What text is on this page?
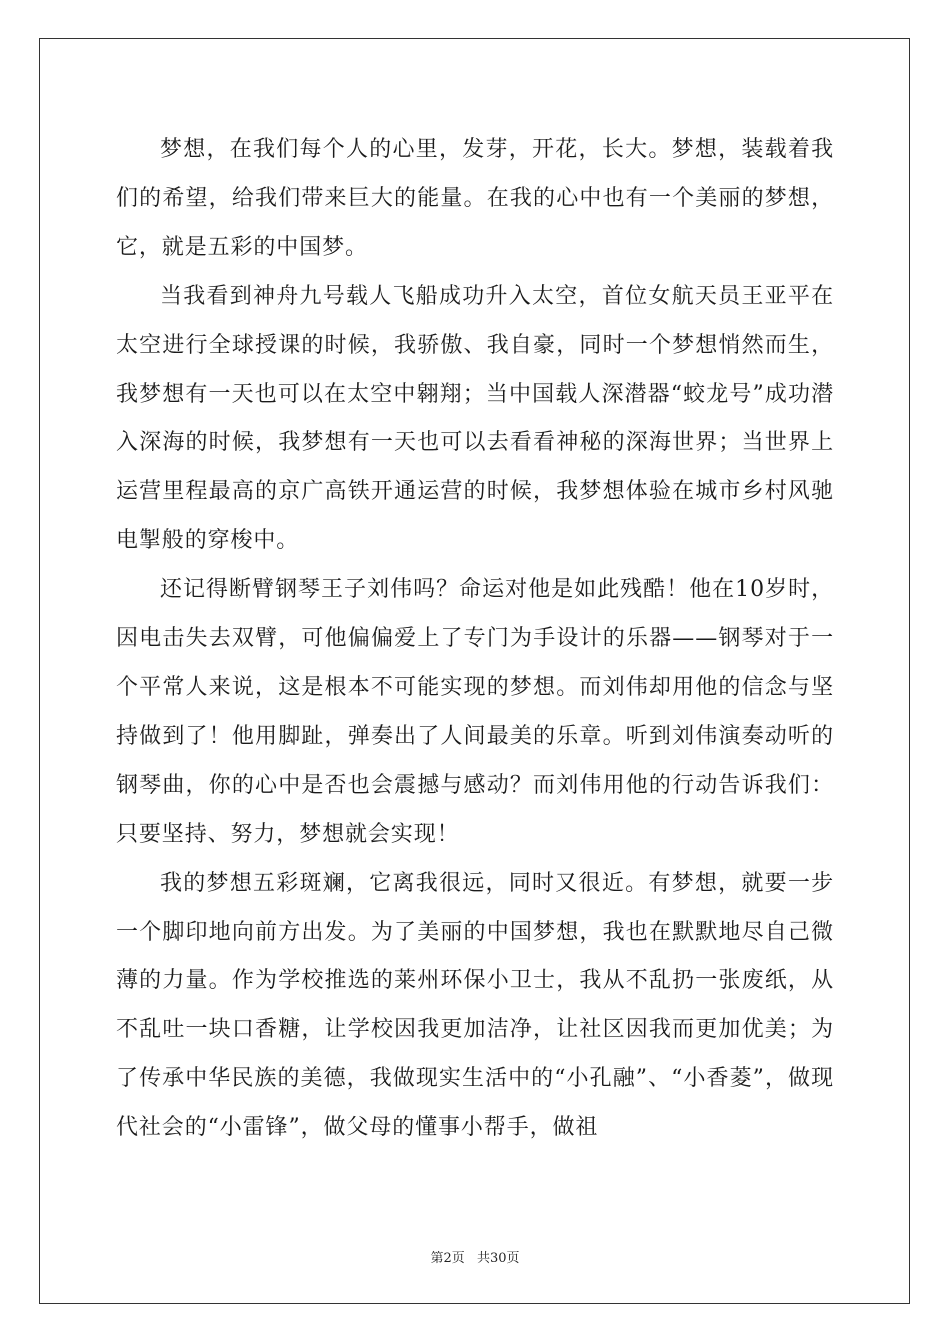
梦想，在我们每个人的心里，发芽，开花，长大。梦想，装载着我们的希望，给我们带来巨大的能量。在我的心中也有一个美丽的梦想，它，就是五彩的中国梦。

当我看到神舟九号载人飞船成功升入太空，首位女航天员王亚平在太空进行全球授课的时候，我骄傲、我自豪，同时一个梦想悄然而生，我梦想有一天也可以在太空中翱翔；当中国载人深潜器“蛟龙号”成功潜入深海的时候，我梦想有一天也可以去看看神秘的深海世界；当世界上运营里程最高的京广高铁开通运营的时候，我梦想体验在城市乡村风驰电掣般的穿梭中。

还记得断臂钢琴王子刘伟吗？命运对他是如此残酷！他在10岁时，因电击失去双臂，可他偏偏爱上了专门为手设计的乐器——钢琴对于一个平常人来说，这是根本不可能实现的梦想。而刘伟却用他的信念与坚持做到了！他用脚趾，弹奏出了人间最美的乐章。听到刘伟演奏动听的钢琴曲，你的心中是否也会震撼与感动？而刘伟用他的行动告诉我们：只要坚持、努力，梦想就会实现！

我的梦想五彩斑斓，它离我很远，同时又很近。有梦想，就要一步一个脚印地向前方出发。为了美丽的中国梦想，我也在默默地尽自己微薄的力量。作为学校推选的莱州环保小卫士，我从不乱扔一张废纸，从不乱吐一块口香糖，让学校因我更加洁净，让社区因我而更加优美；为了传承中华民族的美德，我做现实生活中的“小孔融”、“小香菱”，做现代社会的“小雷锋”，做父母的懂事小帮手，做祖

第2页 共30页
